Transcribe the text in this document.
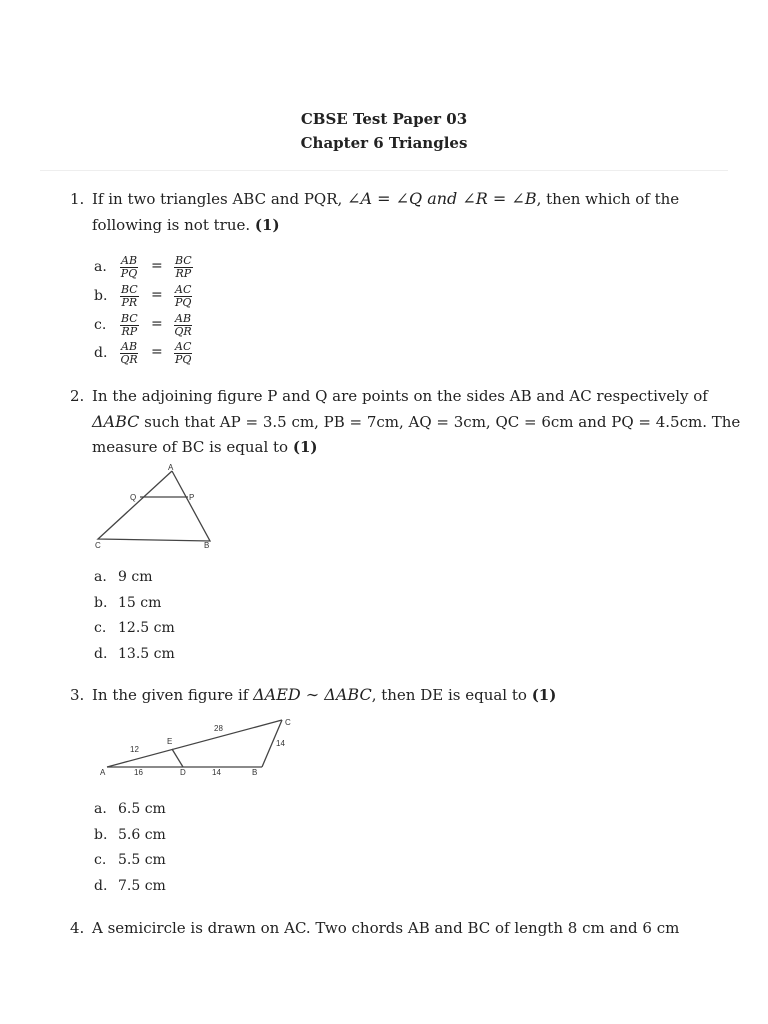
CBSE Test Paper 03
Chapter 6 Triangles
1. If in two triangles ABC and PQR, ∠A = ∠Q and ∠R = ∠B, then which of the
following is not true. (1)
a. $\frac{AB}{PQ} = \frac{BC}{RP}$
b. $\frac{BC}{PR} = \frac{AC}{PQ}$
c. $\frac{BC}{RP} = \frac{AB}{QR}$
d. $\frac{AB}{QR} = \frac{AC}{PQ}$
2. In the adjoining figure P and Q are points on the sides AB and AC respectively of
ΔABC such that AP = 3.5 cm, PB = 7cm, AQ = 3cm, QC = 6cm and PQ = 4.5cm. The
measure of BC is equal to (1)
A
Q	P
C	B
a. 9 cm
b. 15 cm
c. 12.5 cm
d. 13.5 cm
3. In the given figure if ΔAED ∼ ΔABC, then DE is equal to (1)
A
E
D	B
C
12
28
16	14
14
a. 6.5 cm
b. 5.6 cm
c. 5.5 cm
d. 7.5 cm
4. A semicircle is drawn on AC. Two chords AB and BC of length 8 cm and 6 cm
